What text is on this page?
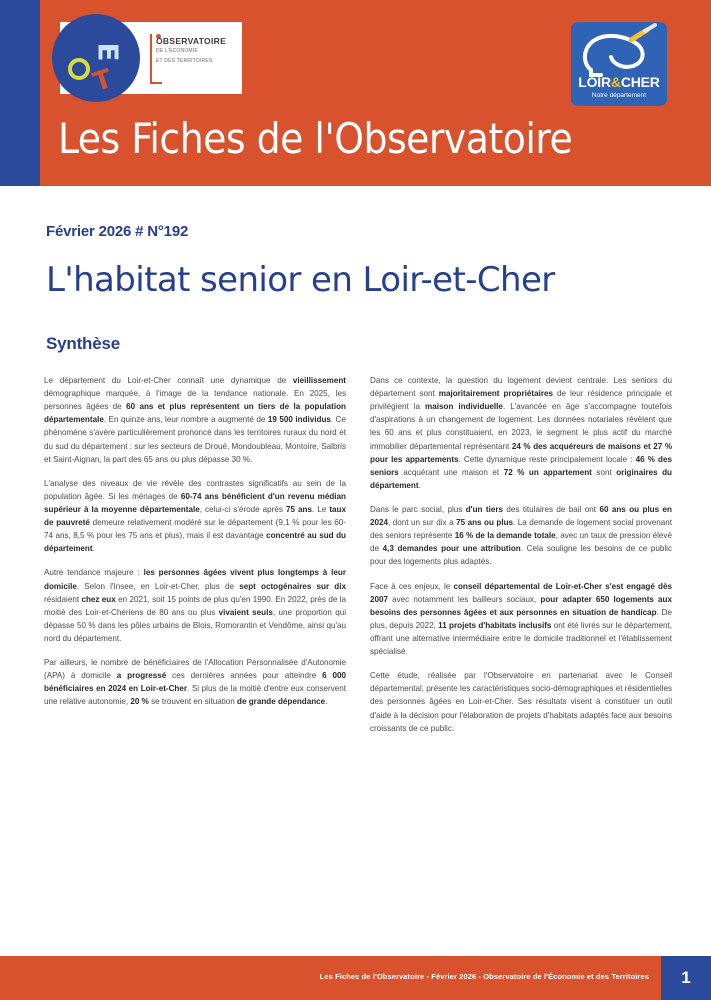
E
T
OBSERVATOIRE
DE L'ÉCONOMIE
ET DES TERRITOIRES
LOIR&CHER
Notre département
Les Fiches de l'Observatoire
Février 2026 # N°192
L'habitat senior en Loir-et-Cher
Synthèse

Le département du Loir-et-Cher connaît une dynamique de vieillissement démographique marquée, à l'image de la tendance nationale. En 2025, les personnes âgées de 60 ans et plus représentent un tiers de la population départementale. En quinze ans, leur nombre a augmenté de 19 500 individus. Ce phénomène s'avère particulièrement prononcé dans les territoires ruraux du nord et du sud du département : sur les secteurs de Droué, Mondoubleau, Montoire, Salbris et Saint-Aignan, la part des 65 ans ou plus dépasse 30 %.

L'analyse des niveaux de vie révèle des contrastes significatifs au sein de la population âgée. Si les ménages de 60-74 ans bénéficient d'un revenu médian supérieur à la moyenne départementale, celui-ci s'érode après 75 ans. Le taux de pauvreté demeure relativement modéré sur le département (9,1 % pour les 60-74 ans, 8,5 % pour les 75 ans et plus), mais il est davantage concentré au sud du département.

Autre tendance majeure : les personnes âgées vivent plus longtemps à leur domicile. Selon l'Insee, en Loir-et-Cher, plus de sept octogénaires sur dix résidaient chez eux en 2021, soit 15 points de plus qu'en 1990. En 2022, près de la moitié des Loir-et-Chériens de 80 ans ou plus vivaient seuls, une proportion qui dépasse 50 % dans les pôles urbains de Blois, Romorantin et Vendôme, ainsi qu'au nord du département.

Par ailleurs, le nombre de bénéficiaires de l'Allocation Personnalisée d'Autonomie (APA) à domicile a progressé ces dernières années pour atteindre 6 000 bénéficiaires en 2024 en Loir-et-Cher. Si plus de la moitié d'entre eux conservent une relative autonomie, 20 % se trouvent en situation de grande dépendance.

Dans ce contexte, la question du logement devient centrale. Les seniors du département sont majoritairement propriétaires de leur résidence principale et privilégient la maison individuelle. L'avancée en âge s'accompagne toutefois d'aspirations à un changement de logement. Les données notariales révèlent que les 60 ans et plus constituaient, en 2023, le segment le plus actif du marché immobilier départemental représentant 24 % des acquéreurs de maisons et 27 % pour les appartements. Cette dynamique reste principalement locale : 46 % des seniors acquérant une maison et 72 % un appartement sont originaires du département.

Dans le parc social, plus d'un tiers des titulaires de bail ont 60 ans ou plus en 2024, dont un sur dix a 75 ans ou plus. La demande de logement social provenant des seniors représente 16 % de la demande totale, avec un taux de pression élevé de 4,3 demandes pour une attribution. Cela souligne les besoins de ce public pour des logements plus adaptés.

Face à ces enjeux, le conseil départemental de Loir-et-Cher s'est engagé dès 2007 avec notamment les bailleurs sociaux, pour adapter 650 logements aux besoins des personnes âgées et aux personnes en situation de handicap. De plus, depuis 2022, 11 projets d'habitats inclusifs ont été livrés sur le département, offrant une alternative intermédiaire entre le domicile traditionnel et l'établissement spécialisé.

Cette étude, réalisée par l'Observatoire en partenariat avec le Conseil départemental, présente les caractéristiques socio-démographiques et résidentielles des personnes âgées en Loir-et-Cher. Ses résultats visent à constituer un outil d'aide à la décision pour l'élaboration de projets d'habitats adaptés face aux besoins croissants de ce public.

Les Fiches de l'Observatoire - Février 2026 - Observatoire de l'Économie et des Territoires	1
